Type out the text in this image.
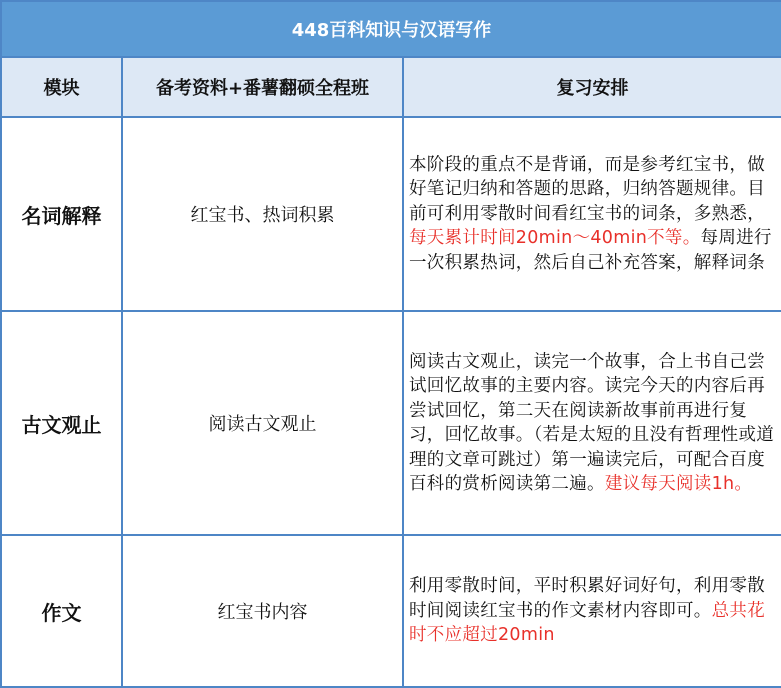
448百科知识与汉语写作		
模块	备考资料+番薯翻硕全程班	复习安排
名词解释	红宝书、热词积累	本阶段的重点不是背诵，而是参考红宝书，做好笔记归纳和答题的思路，归纳答题规律。目前可利用零散时间看红宝书的词条，多熟悉，每天累计时间20min～40min不等。每周进行一次积累热词，然后自己补充答案，解释词条
古文观止	阅读古文观止	阅读古文观止，读完一个故事，合上书自己尝试回忆故事的主要内容。读完今天的内容后再尝试回忆，第二天在阅读新故事前再进行复习，回忆故事。（若是太短的且没有哲理性或道理的文章可跳过）第一遍读完后，可配合百度百科的赏析阅读第二遍。建议每天阅读1h。
作文	红宝书内容	利用零散时间，平时积累好词好句，利用零散时间阅读红宝书的作文素材内容即可。总共花时不应超过20min
